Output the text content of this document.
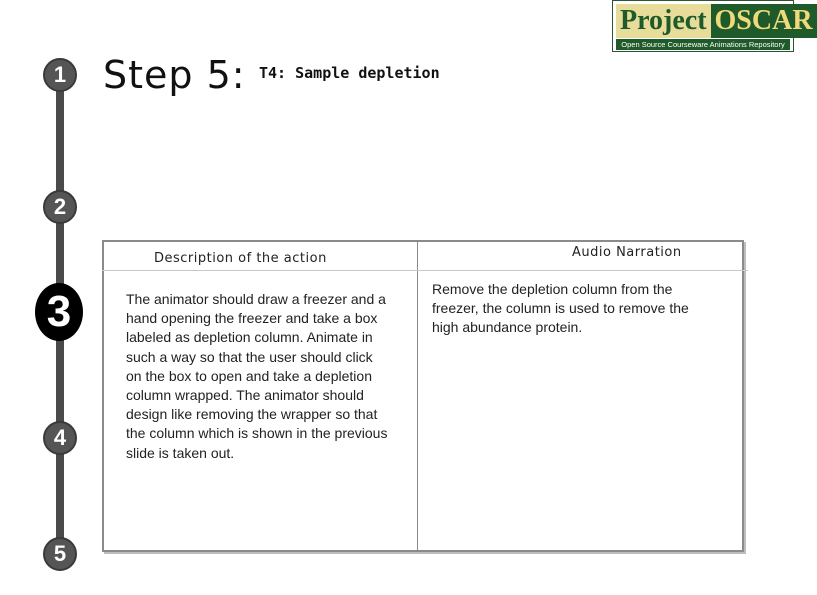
1
2
3
4
5
Step 5: T4: Sample depletion
Project OSCAR
Open Source Courseware Animations Repository
Description of the action	Audio Narration
The animator should draw a freezer and a hand opening the freezer and take a box labeled as depletion column. Animate in such a way so that the user should click on the box to open and take a depletion column wrapped. The animator should design like removing the wrapper so that the column which is shown in the previous slide is taken out.
Remove the depletion column from the freezer, the column is used to remove the high abundance protein.
